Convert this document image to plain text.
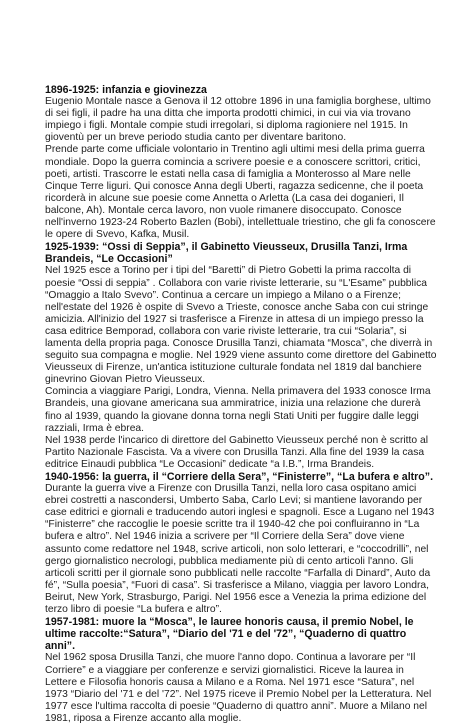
1896-1925: infanzia e giovinezza

Eugenio Montale nasce a Genova il 12 ottobre 1896 in una famiglia borghese, ultimo di sei figli, il padre ha una ditta che importa prodotti chimici, in cui via via trovano impiego i figli. Montale compie studi irregolari, si diploma ragioniere nel 1915. In gioventù per un breve periodo studia canto per diventare baritono.

Prende parte come ufficiale volontario in Trentino agli ultimi mesi della prima guerra mondiale. Dopo la guerra comincia a scrivere poesie e a conoscere scrittori, critici, poeti, artisti. Trascorre le estati nella casa di famiglia a Monterosso al Mare nelle Cinque Terre liguri. Qui conosce Anna degli Uberti, ragazza sedicenne, che il poeta ricorderà in alcune sue poesie come Annetta o Arletta (La casa dei doganieri, Il balcone, Ah). Montale cerca lavoro, non vuole rimanere disoccupato. Conosce nell'inverno 1923-24 Roberto Bazlen (Bobi), intellettuale triestino, che gli fa conoscere le opere di Svevo, Kafka, Musil.

1925-1939: “Ossi di Seppia”, il Gabinetto Vieusseux, Drusilla Tanzi, Irma Brandeis, “Le Occasioni”

Nel 1925 esce a Torino per i tipi del “Baretti” di Pietro Gobetti la prima raccolta di poesie “Ossi di seppia” . Collabora con varie riviste letterarie, su “L'Esame” pubblica “Omaggio a Italo Svevo”. Continua a cercare un impiego a Milano o a Firenze; nell'estate del 1926 è ospite di Svevo a Trieste, conosce anche Saba con cui stringe amicizia. All'inizio del 1927 si trasferisce a Firenze in attesa di un impiego presso la casa editrice Bemporad, collabora con varie riviste letterarie, tra cui “Solaria”, si lamenta della propria paga. Conosce Drusilla Tanzi, chiamata “Mosca”, che diverrà in seguito sua compagna e moglie. Nel 1929 viene assunto come direttore del Gabinetto Vieusseux di Firenze, un'antica istituzione culturale fondata nel 1819 dal banchiere ginevrino Giovan Pietro Vieusseux.

Comincia a viaggiare Parigi, Londra, Vienna. Nella primavera del 1933 conosce Irma Brandeis, una giovane americana sua ammiratrice, inizia una relazione che durerà fino al 1939, quando la giovane donna torna negli Stati Uniti per fuggire dalle leggi razziali, Irma è ebrea.

Nel 1938 perde l'incarico di direttore del Gabinetto Vieusseux perché non è scritto al Partito Nazionale Fascista. Va a vivere con Drusilla Tanzi. Alla fine del 1939 la casa editrice Einaudi pubblica “Le Occasioni” dedicate “a I.B.”, Irma Brandeis.

1940-1956: la guerra, il “Corriere della Sera”, “Finisterre”, “La bufera e altro”.

Durante la guerra vive a Firenze con Drusilla Tanzi, nella loro casa ospitano amici ebrei costretti a nascondersi, Umberto Saba, Carlo Levi; si mantiene lavorando per case editrici e giornali e traducendo autori inglesi e spagnoli. Esce a Lugano nel 1943 “Finisterre” che raccoglie le poesie scritte tra il 1940-42 che poi confluiranno in “La bufera e altro”. Nel 1946 inizia a scrivere per “Il Corriere della Sera” dove viene assunto come redattore nel 1948, scrive articoli, non solo letterari, e “coccodrilli”, nel gergo giornalistico necrologi, pubblica mediamente più di cento articoli l'anno. Gli articoli scritti per il giornale sono pubblicati nelle raccolte “Farfalla di Dinard”, Auto da fé”, “Sulla poesia”, “Fuori di casa”. Si trasferisce a Milano, viaggia per lavoro Londra, Beirut, New York, Strasburgo, Parigi. Nel 1956 esce a Venezia la prima edizione del terzo libro di poesie “La bufera e altro”.

1957-1981: muore la “Mosca”, le lauree honoris causa, il premio Nobel, le ultime raccolte:“Satura”, “Diario del '71 e del '72”, “Quaderno di quattro anni”.

Nel 1962 sposa Drusilla Tanzi, che muore l'anno dopo. Continua a lavorare per “Il Corriere” e a viaggiare per conferenze e servizi giornalistici. Riceve la laurea in Lettere e Filosofia honoris causa a Milano e a Roma. Nel 1971 esce “Satura”, nel 1973 “Diario del '71 e del '72”. Nel 1975 riceve il Premio Nobel per la Letteratura. Nel 1977 esce l'ultima raccolta di poesie “Quaderno di quattro anni”. Muore a Milano nel 1981, riposa a Firenze accanto alla moglie.
